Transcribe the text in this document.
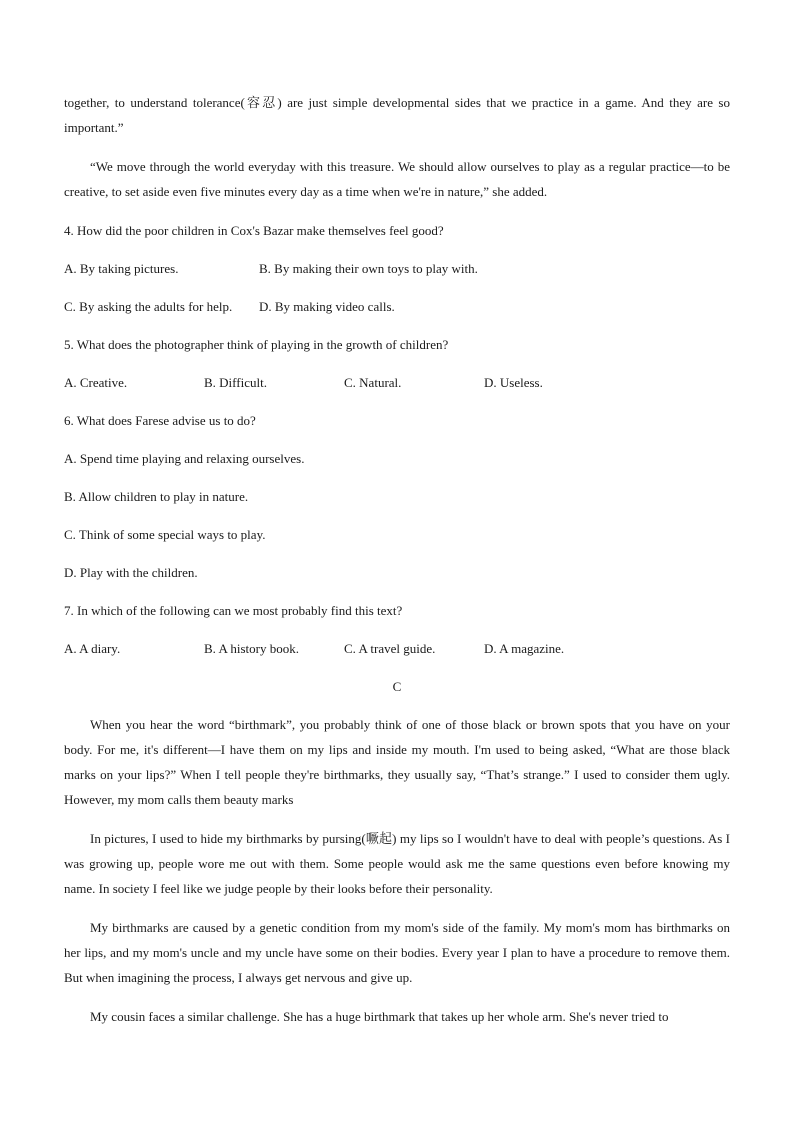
together, to understand tolerance(容忍) are just simple developmental sides that we practice in a game. And they are so important.”

“We move through the world everyday with this treasure. We should allow ourselves to play as a regular practice—to be creative, to set aside even five minutes every day as a time when we're in nature,” she added.

4. How did the poor children in Cox's Bazar make themselves feel good?
A. By taking pictures.	B. By making their own toys to play with.
C. By asking the adults for help.	D. By making video calls.
5. What does the photographer think of playing in the growth of children?
A. Creative.	B. Difficult.	C. Natural.	D. Useless.
6. What does Farese advise us to do?
A. Spend time playing and relaxing ourselves.
B. Allow children to play in nature.
C. Think of some special ways to play.
D. Play with the children.
7. In which of the following can we most probably find this text?
A. A diary.	B. A history book.	C. A travel guide.	D. A magazine.
C

When you hear the word “birthmark”, you probably think of one of those black or brown spots that you have on your body. For me, it's different—I have them on my lips and inside my mouth. I'm used to being asked, “What are those black marks on your lips?” When I tell people they're birthmarks, they usually say, “That’s strange.” I used to consider them ugly. However, my mom calls them beauty marks

In pictures, I used to hide my birthmarks by pursing(噘起) my lips so I wouldn't have to deal with people’s questions. As I was growing up, people wore me out with them. Some people would ask me the same questions even before knowing my name. In society I feel like we judge people by their looks before their personality.

My birthmarks are caused by a genetic condition from my mom's side of the family. My mom's mom has birthmarks on her lips, and my mom's uncle and my uncle have some on their bodies. Every year I plan to have a procedure to remove them. But when imagining the process, I always get nervous and give up.

My cousin faces a similar challenge. She has a huge birthmark that takes up her whole arm. She's never tried to
